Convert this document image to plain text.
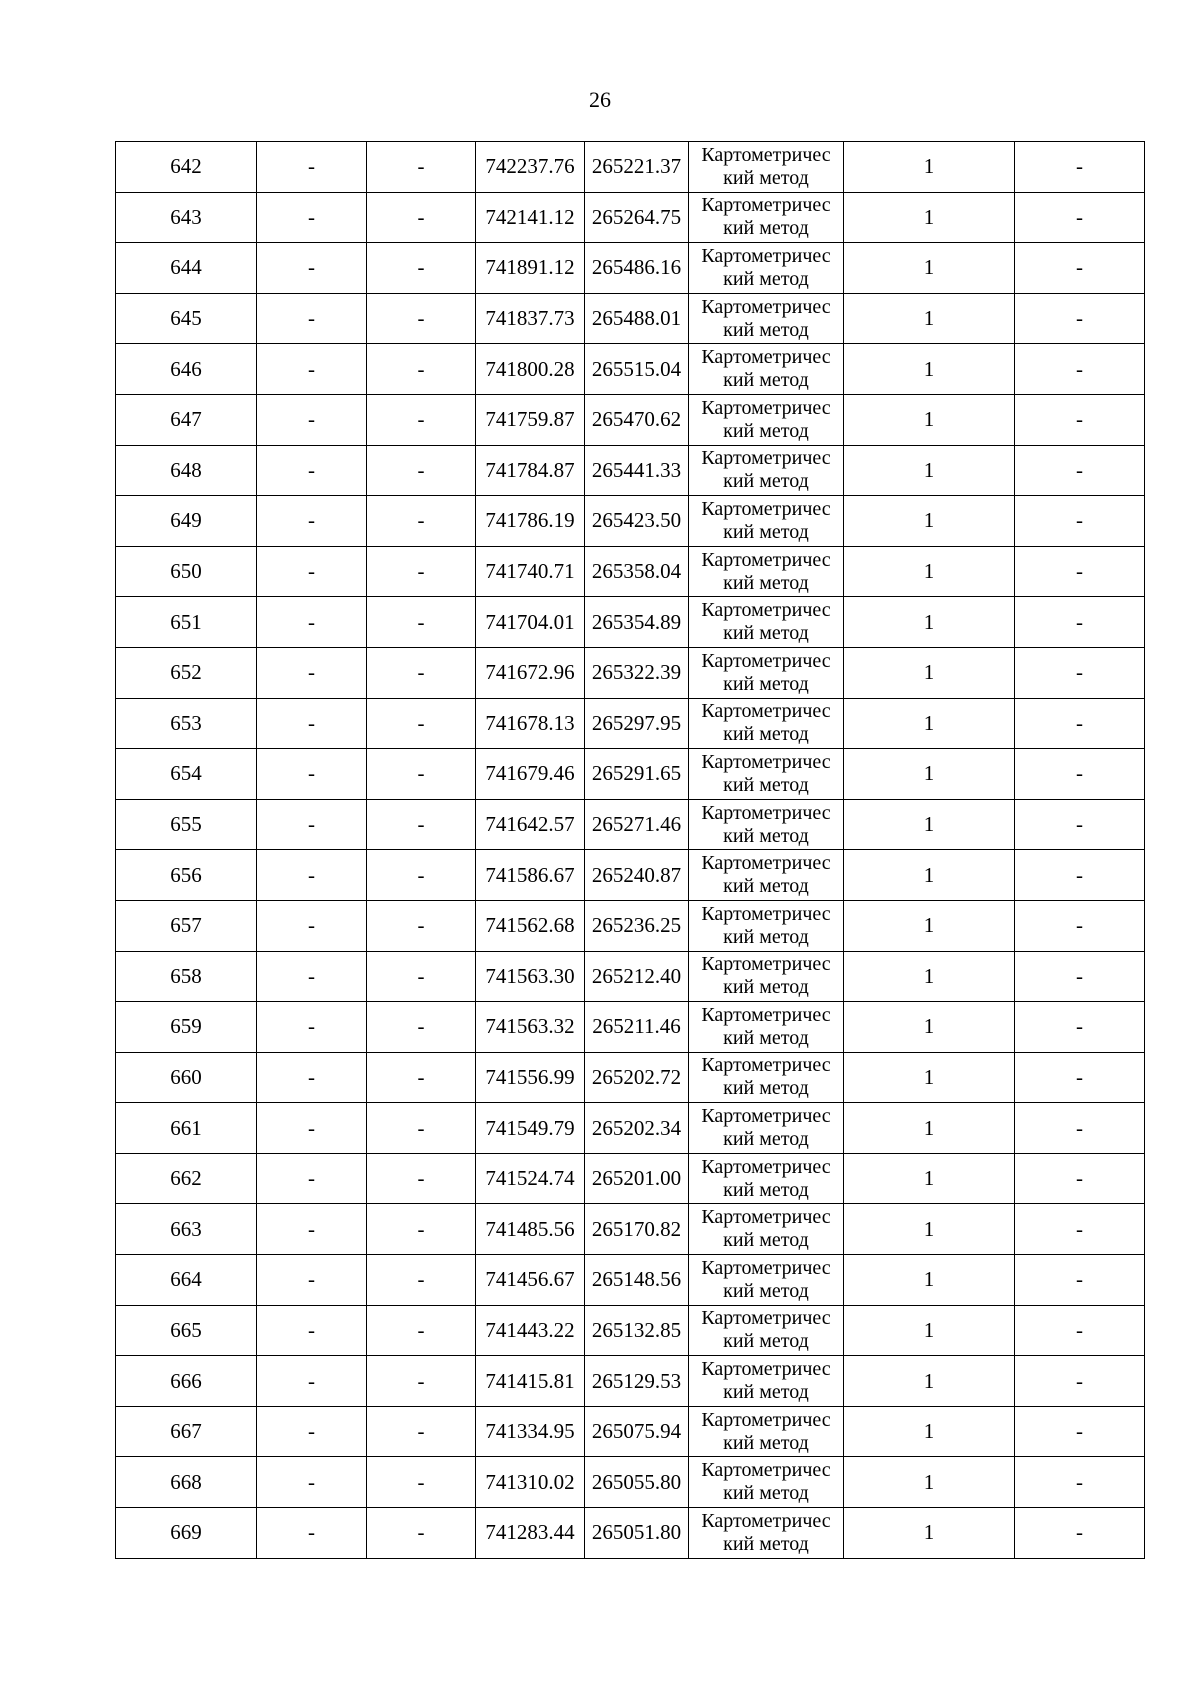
26
642	-	-	742237.76	265221.37	Картометричес
кий метод	1	-
643	-	-	742141.12	265264.75	Картометричес
кий метод	1	-
644	-	-	741891.12	265486.16	Картометричес
кий метод	1	-
645	-	-	741837.73	265488.01	Картометричес
кий метод	1	-
646	-	-	741800.28	265515.04	Картометричес
кий метод	1	-
647	-	-	741759.87	265470.62	Картометричес
кий метод	1	-
648	-	-	741784.87	265441.33	Картометричес
кий метод	1	-
649	-	-	741786.19	265423.50	Картометричес
кий метод	1	-
650	-	-	741740.71	265358.04	Картометричес
кий метод	1	-
651	-	-	741704.01	265354.89	Картометричес
кий метод	1	-
652	-	-	741672.96	265322.39	Картометричес
кий метод	1	-
653	-	-	741678.13	265297.95	Картометричес
кий метод	1	-
654	-	-	741679.46	265291.65	Картометричес
кий метод	1	-
655	-	-	741642.57	265271.46	Картометричес
кий метод	1	-
656	-	-	741586.67	265240.87	Картометричес
кий метод	1	-
657	-	-	741562.68	265236.25	Картометричес
кий метод	1	-
658	-	-	741563.30	265212.40	Картометричес
кий метод	1	-
659	-	-	741563.32	265211.46	Картометричес
кий метод	1	-
660	-	-	741556.99	265202.72	Картометричес
кий метод	1	-
661	-	-	741549.79	265202.34	Картометричес
кий метод	1	-
662	-	-	741524.74	265201.00	Картометричес
кий метод	1	-
663	-	-	741485.56	265170.82	Картометричес
кий метод	1	-
664	-	-	741456.67	265148.56	Картометричес
кий метод	1	-
665	-	-	741443.22	265132.85	Картометричес
кий метод	1	-
666	-	-	741415.81	265129.53	Картометричес
кий метод	1	-
667	-	-	741334.95	265075.94	Картометричес
кий метод	1	-
668	-	-	741310.02	265055.80	Картометричес
кий метод	1	-
669	-	-	741283.44	265051.80	Картометричес
кий метод	1	-
